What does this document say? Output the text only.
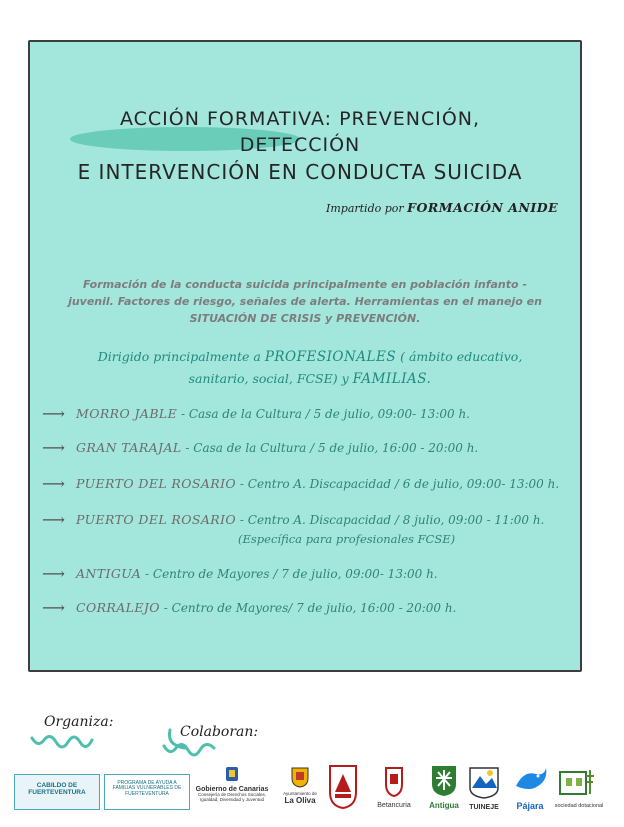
ACCIÓN FORMATIVA: PREVENCIÓN,
DETECCIÓN
E INTERVENCIÓN EN CONDUCTA SUICIDA
Impartido por FORMACIÓN ANIDE
Formación de la conducta suicida principalmente en población infanto -
juvenil. Factores de riesgo, señales de alerta. Herramientas en el manejo en
SITUACIÓN DE CRISIS y PREVENCIÓN.
Dirigido principalmente a PROFESIONALES ( ámbito educativo,
sanitario, social, FCSE) y FAMILIAS.
⟶ MORRO JABLE - Casa de la Cultura / 5 de julio, 09:00- 13:00 h.
⟶ GRAN TARAJAL - Casa de la Cultura / 5 de julio, 16:00 - 20:00 h.
⟶ PUERTO DEL ROSARIO - Centro A. Discapacidad / 6 de julio, 09:00- 13:00 h.
⟶ PUERTO DEL ROSARIO - Centro A. Discapacidad / 8 julio, 09:00 - 11:00 h.
(Específica para profesionales FCSE)
⟶ ANTIGUA - Centro de Mayores / 7 de julio, 09:00- 13:00 h.
⟶ CORRALEJO - Centro de Mayores/ 7 de julio, 16:00 - 20:00 h.
Organiza:
Colaboran:
CABILDO DE FUERTEVENTURA
PROGRAMA DE AYUDA A FAMILIAS VULNERABLES DE FUERTEVENTURA
Gobierno de Canarias
Consejería de Derechos Sociales, Igualdad, Diversidad y Juventud
Ayuntamiento de
La Oliva
Betancuria	Antigua	TUINEJE	Pájara	sociedad dotacional
